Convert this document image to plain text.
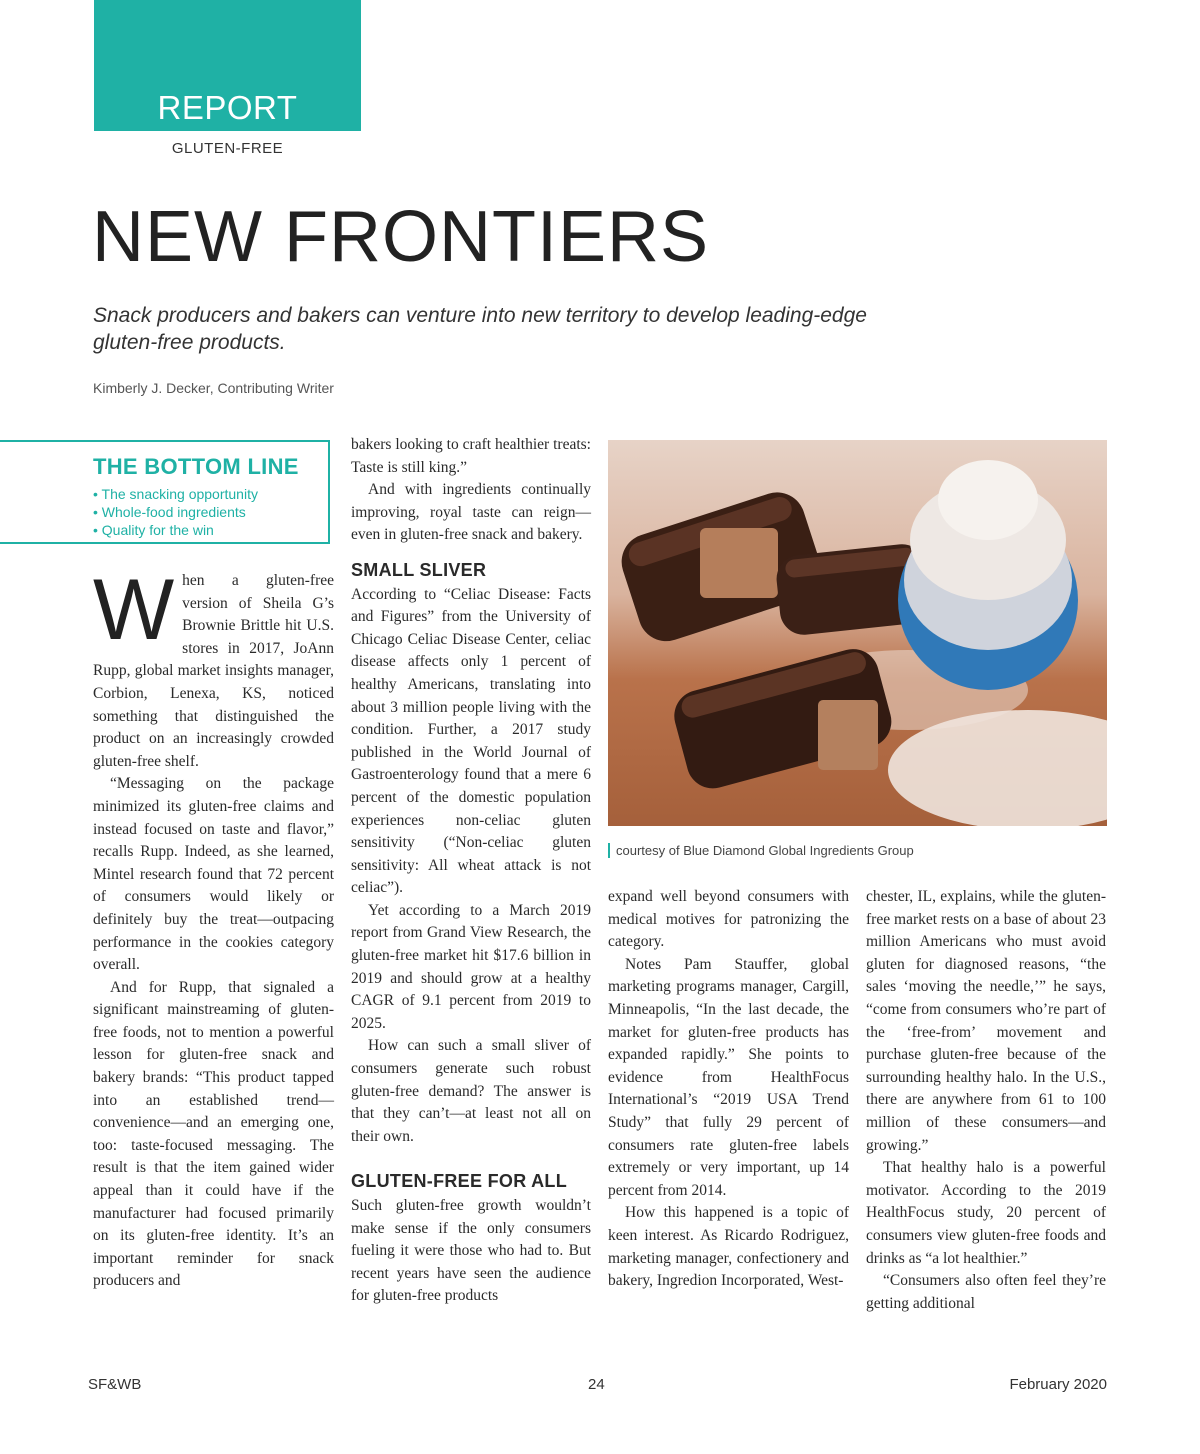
REPORT
GLUTEN-FREE
NEW FRONTIERS

Snack producers and bakers can venture into new territory to develop leading-edge gluten-free products.

Kimberly J. Decker, Contributing Writer
THE BOTTOM LINE
• The snacking opportunity
• Whole-food ingredients
• Quality for the win

When a gluten-free version of Sheila G’s Brownie Brittle hit U.S. stores in 2017, JoAnn Rupp, global market insights manager, Corbion, Lenexa, KS, noticed something that distinguished the product on an increasingly crowded gluten-free shelf.

“Messaging on the package minimized its gluten-free claims and instead focused on taste and flavor,” recalls Rupp. Indeed, as she learned, Mintel research found that 72 percent of consumers would likely or definitely buy the treat—outpacing performance in the cookies category overall.

And for Rupp, that signaled a significant mainstreaming of gluten-free foods, not to mention a powerful lesson for gluten-free snack and bakery brands: “This product tapped into an established trend—convenience—and an emerging one, too: taste-focused messaging. The result is that the item gained wider appeal than it could have if the manufacturer had focused primarily on its gluten-free identity. It’s an important reminder for snack producers and

bakers looking to craft healthier treats: Taste is still king.”

And with ingredients continually improving, royal taste can reign—even in gluten-free snack and bakery.

SMALL SLIVER

According to “Celiac Disease: Facts and Figures” from the University of Chicago Celiac Disease Center, celiac disease affects only 1 percent of healthy Americans, translating into about 3 million people living with the condition. Further, a 2017 study published in the World Journal of Gastroenterology found that a mere 6 percent of the domestic population experiences non-celiac gluten sensitivity (“Non-celiac gluten sensitivity: All wheat attack is not celiac”).

Yet according to a March 2019 report from Grand View Research, the gluten-free market hit $17.6 billion in 2019 and should grow at a healthy CAGR of 9.1 percent from 2019 to 2025.

How can such a small sliver of consumers generate such robust gluten-free demand? The answer is that they can’t—at least not all on their own.

GLUTEN-FREE FOR ALL

Such gluten-free growth wouldn’t make sense if the only consumers fueling it were those who had to. But recent years have seen the audience for gluten-free products

courtesy of Blue Diamond Global Ingredients Group

expand well beyond consumers with medical motives for patronizing the category.

Notes Pam Stauffer, global marketing programs manager, Cargill, Minneapolis, “In the last decade, the market for gluten-free products has expanded rapidly.” She points to evidence from HealthFocus International’s “2019 USA Trend Study” that fully 29 percent of consumers rate gluten-free labels extremely or very important, up 14 percent from 2014.

How this happened is a topic of keen interest. As Ricardo Rodriguez, marketing manager, confectionery and bakery, Ingredion Incorporated, West-

chester, IL, explains, while the gluten-free market rests on a base of about 23 million Americans who must avoid gluten for diagnosed reasons, “the sales ‘moving the needle,’” he says, “come from consumers who’re part of the ‘free-from’ movement and purchase gluten-free because of the surrounding healthy halo. In the U.S., there are anywhere from 61 to 100 million of these consumers—and growing.”

That healthy halo is a powerful motivator. According to the 2019 HealthFocus study, 20 percent of consumers view gluten-free foods and drinks as “a lot healthier.”

“Consumers also often feel they’re getting additional

SF&WB	24	February 2020
